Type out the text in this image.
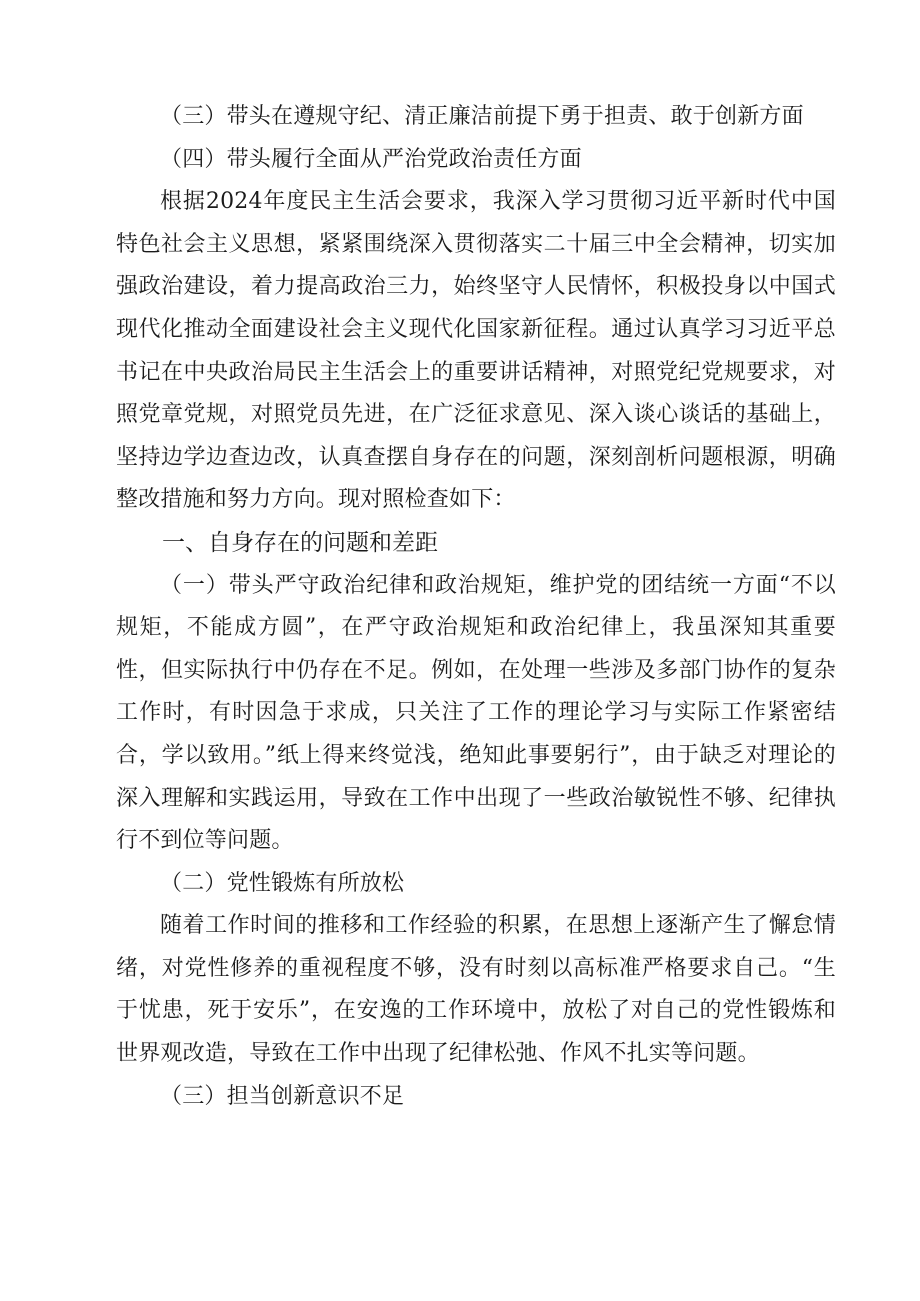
（三）带头在遵规守纪、清正廉洁前提下勇于担责、敢于创新方面

（四）带头履行全面从严治党政治责任方面

根据2024年度民主生活会要求，我深入学习贯彻习近平新时代中国特色社会主义思想，紧紧围绕深入贯彻落实二十届三中全会精神，切实加强政治建设，着力提高政治三力，始终坚守人民情怀，积极投身以中国式现代化推动全面建设社会主义现代化国家新征程。通过认真学习习近平总书记在中央政治局民主生活会上的重要讲话精神，对照党纪党规要求，对照党章党规，对照党员先进，在广泛征求意见、深入谈心谈话的基础上，坚持边学边查边改，认真查摆自身存在的问题，深刻剖析问题根源，明确整改措施和努力方向。现对照检查如下：

一、自身存在的问题和差距

（一）带头严守政治纪律和政治规矩，维护党的团结统一方面“不以规矩，不能成方圆”，在严守政治规矩和政治纪律上，我虽深知其重要性，但实际执行中仍存在不足。例如，在处理一些涉及多部门协作的复杂工作时，有时因急于求成，只关注了工作的理论学习与实际工作紧密结合，学以致用。”纸上得来终觉浅，绝知此事要躬行”，由于缺乏对理论的深入理解和实践运用，导致在工作中出现了一些政治敏锐性不够、纪律执行不到位等问题。

（二）党性锻炼有所放松

随着工作时间的推移和工作经验的积累，在思想上逐渐产生了懈怠情绪，对党性修养的重视程度不够，没有时刻以高标准严格要求自己。“生于忧患，死于安乐”，在安逸的工作环境中，放松了对自己的党性锻炼和世界观改造，导致在工作中出现了纪律松弛、作风不扎实等问题。

（三）担当创新意识不足
